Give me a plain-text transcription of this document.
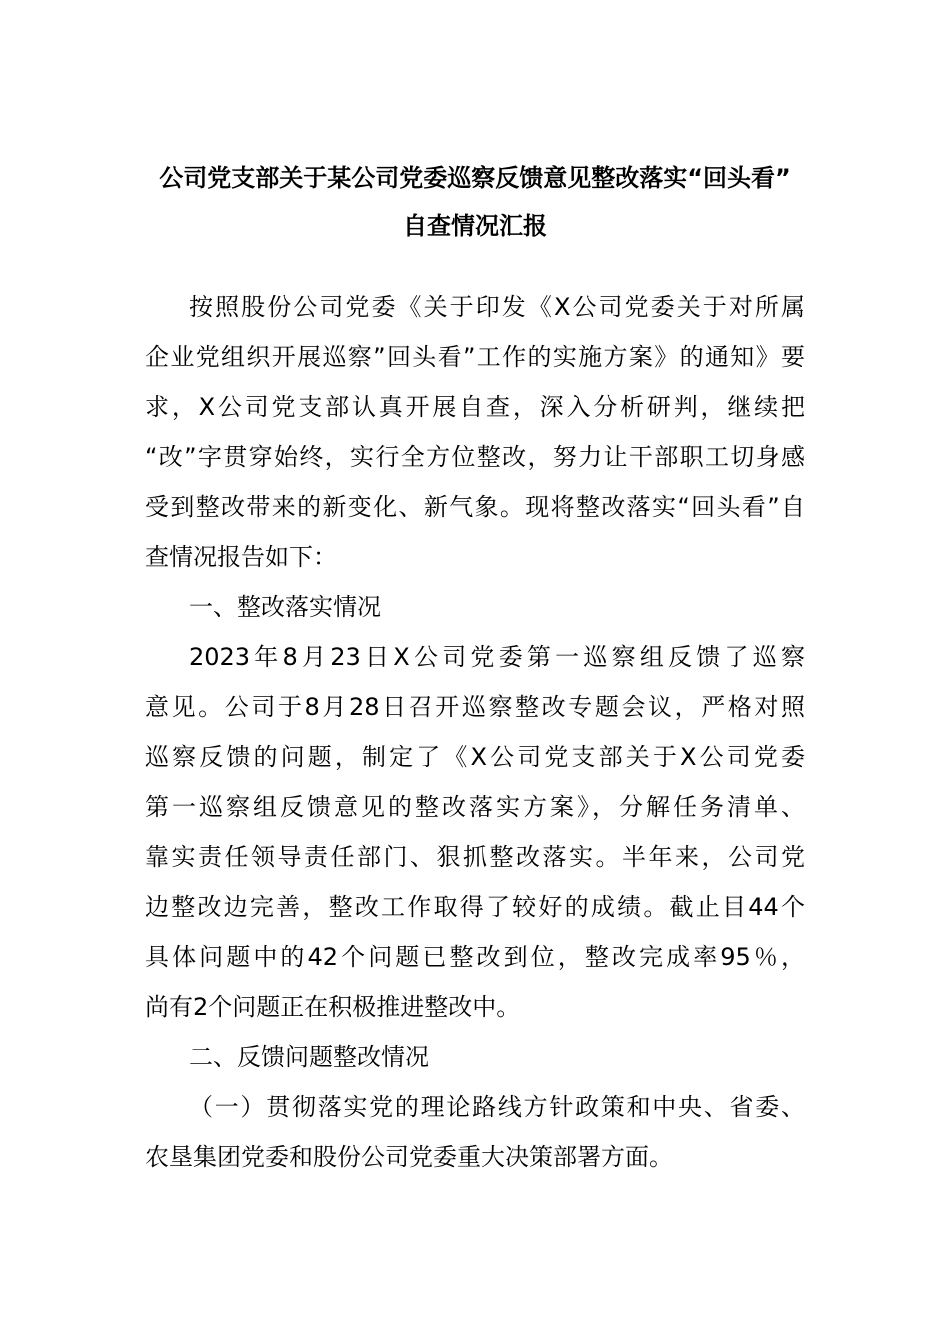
公司党支部关于某公司党委巡察反馈意见整改落实“回头看”
自查情况汇报
按照股份公司党委《关于印发《X公司党委关于对所属
企业党组织开展巡察”回头看”工作的实施方案》的通知》要
求，X公司党支部认真开展自查，深入分析研判，继续把
“改”字贯穿始终，实行全方位整改，努力让干部职工切身感
受到整改带来的新变化、新气象。现将整改落实“回头看”自
查情况报告如下：
一、整改落实情况
2023年8月23日X公司党委第一巡察组反馈了巡察
意见。公司于8月28日召开巡察整改专题会议，严格对照
巡察反馈的问题，制定了《X公司党支部关于X公司党委
第一巡察组反馈意见的整改落实方案》，分解任务清单、
靠实责任领导责任部门、狠抓整改落实。半年来，公司党
边整改边完善，整改工作取得了较好的成绩。截止目44个
具体问题中的42个问题已整改到位，整改完成率95％，
尚有2个问题正在积极推进整改中。
二、反馈问题整改情况
（一）贯彻落实党的理论路线方针政策和中央、省委、
农垦集团党委和股份公司党委重大决策部署方面。
